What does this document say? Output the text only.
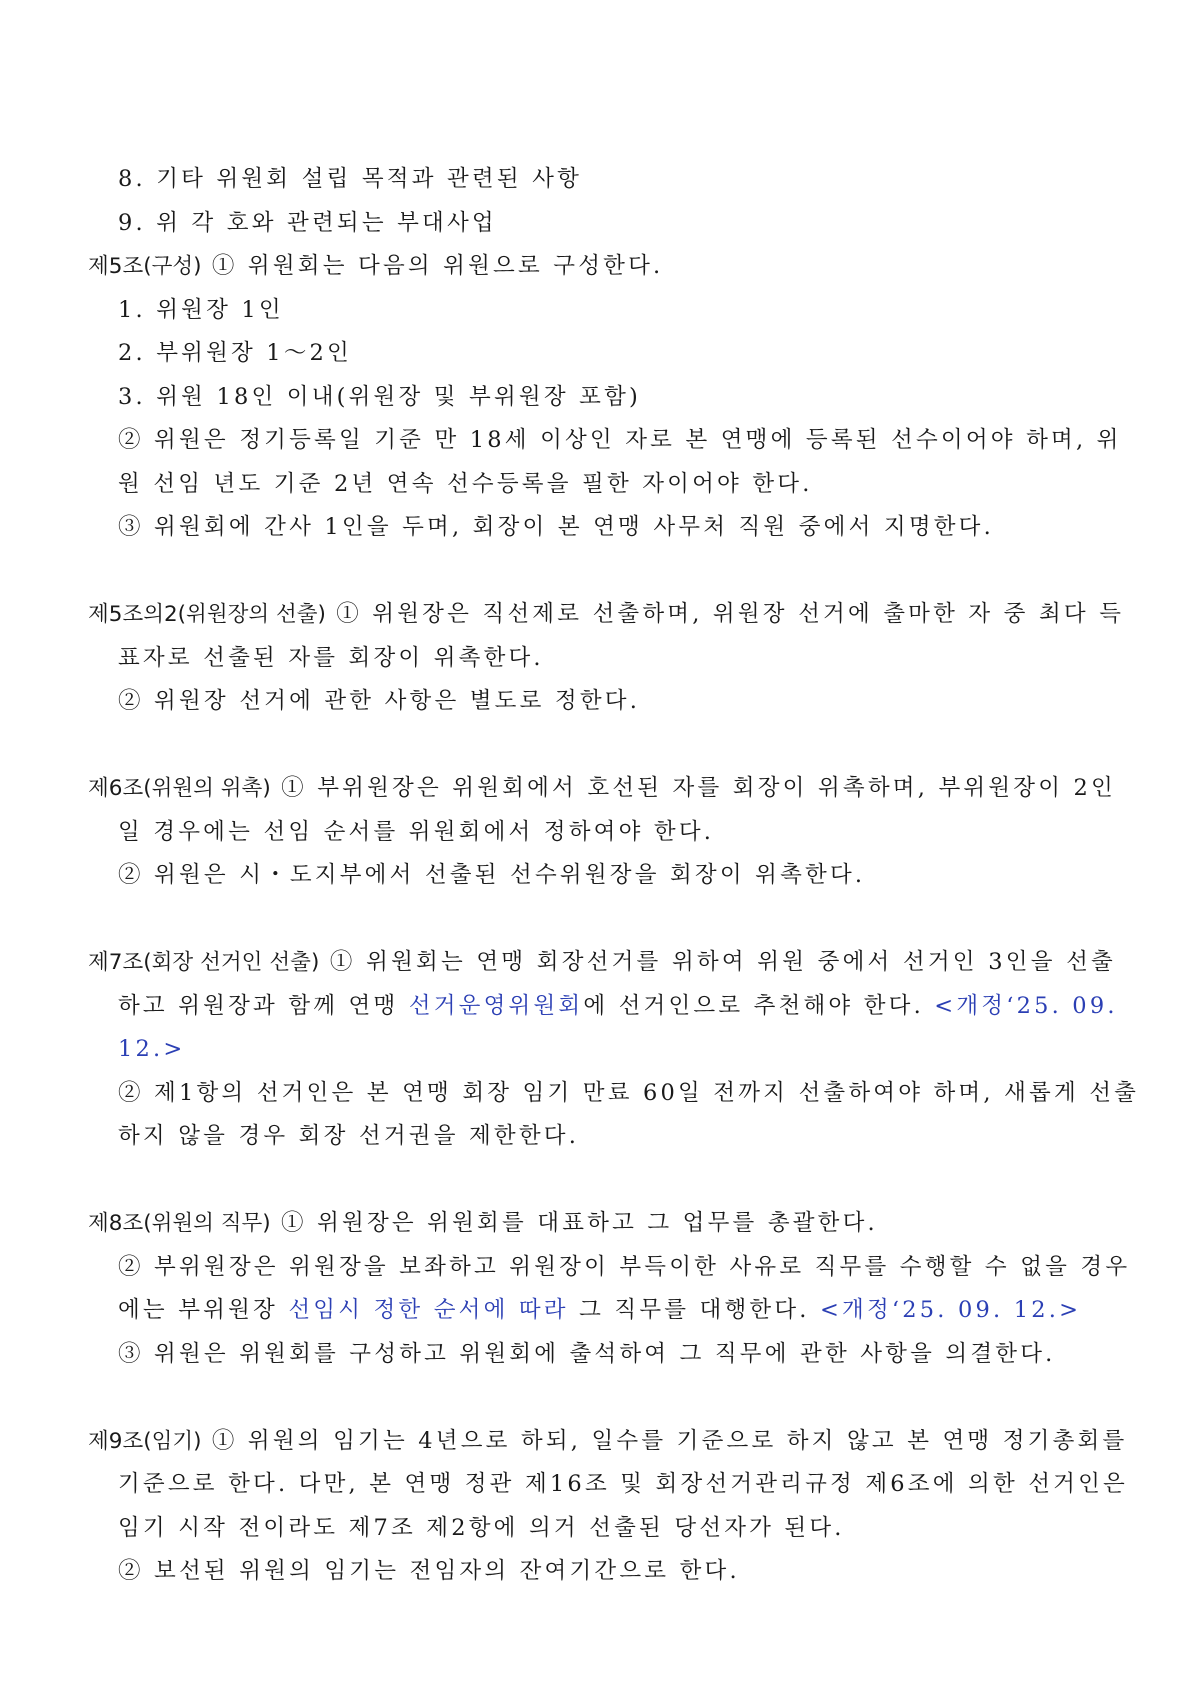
8. 기타 위원회 설립 목적과 관련된 사항
9. 위 각 호와 관련되는 부대사업
제5조(구성) ① 위원회는 다음의 위원으로 구성한다.
1. 위원장 1인
2. 부위원장 1～2인
3. 위원 18인 이내(위원장 및 부위원장 포함)
② 위원은 정기등록일 기준 만 18세 이상인 자로 본 연맹에 등록된 선수이어야 하며, 위
원 선임 년도 기준 2년 연속 선수등록을 필한 자이어야 한다.
③ 위원회에 간사 1인을 두며, 회장이 본 연맹 사무처 직원 중에서 지명한다.
제5조의2(위원장의 선출) ① 위원장은 직선제로 선출하며, 위원장 선거에 출마한 자 중 최다 득
표자로 선출된 자를 회장이 위촉한다.
② 위원장 선거에 관한 사항은 별도로 정한다.
제6조(위원의 위촉) ① 부위원장은 위원회에서 호선된 자를 회장이 위촉하며, 부위원장이 2인
일 경우에는 선임 순서를 위원회에서 정하여야 한다.
② 위원은 시・도지부에서 선출된 선수위원장을 회장이 위촉한다.
제7조(회장 선거인 선출) ① 위원회는 연맹 회장선거를 위하여 위원 중에서 선거인 3인을 선출
하고 위원장과 함께 연맹 선거운영위원회에 선거인으로 추천해야 한다. <개정‘25. 09.
12.>
② 제1항의 선거인은 본 연맹 회장 임기 만료 60일 전까지 선출하여야 하며, 새롭게 선출
하지 않을 경우 회장 선거권을 제한한다.
제8조(위원의 직무) ① 위원장은 위원회를 대표하고 그 업무를 총괄한다.
② 부위원장은 위원장을 보좌하고 위원장이 부득이한 사유로 직무를 수행할 수 없을 경우
에는 부위원장 선임시 정한 순서에 따라 그 직무를 대행한다. <개정‘25. 09. 12.>
③ 위원은 위원회를 구성하고 위원회에 출석하여 그 직무에 관한 사항을 의결한다.
제9조(임기) ① 위원의 임기는 4년으로 하되, 일수를 기준으로 하지 않고 본 연맹 정기총회를
기준으로 한다. 다만, 본 연맹 정관 제16조 및 회장선거관리규정 제6조에 의한 선거인은
임기 시작 전이라도 제7조 제2항에 의거 선출된 당선자가 된다.
② 보선된 위원의 임기는 전임자의 잔여기간으로 한다.
